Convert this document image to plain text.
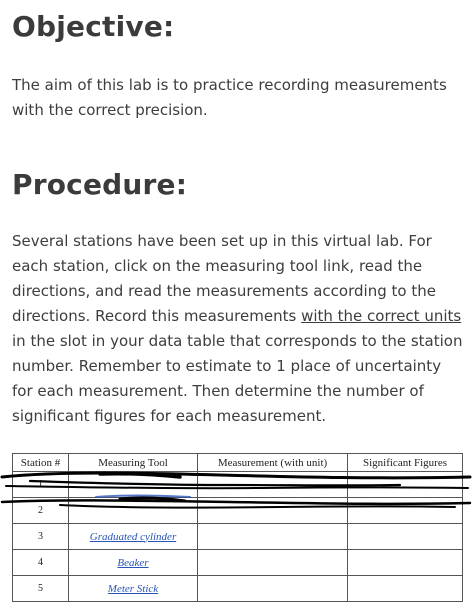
Objective:

The aim of this lab is to practice recording measurements with the correct precision.

Procedure:

Several stations have been set up in this virtual lab. For each station, click on the measuring tool link, read the directions, and read the measurements according to the directions. Record this measurements with the correct units in the slot in your data table that corresponds to the station number. Remember to estimate to 1 place of uncertainty for each measurement. Then determine the number of significant figures for each measurement.

Station #	Measuring Tool	Measurement (with unit)	Significant Figures
1			
2			
3	Graduated cylinder		
4	Beaker		
5	Meter Stick		
